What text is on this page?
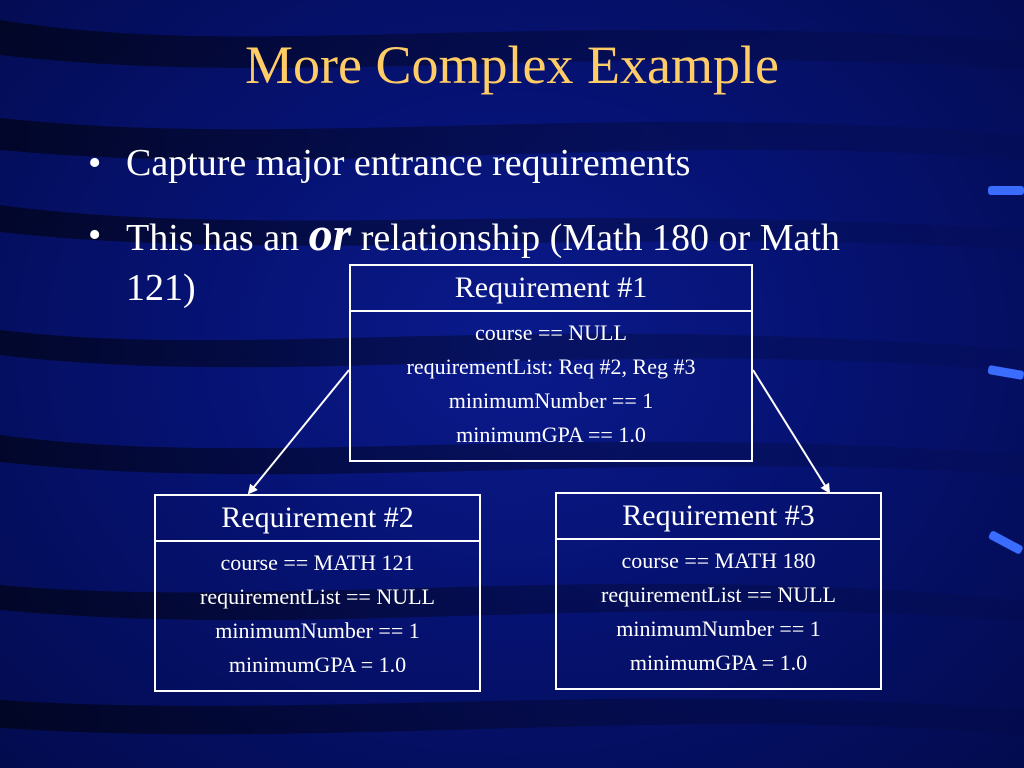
More Complex Example
• Capture major entrance requirements
• This has an or relationship (Math 180 or Math 121)	Requirement #1
course == NULL
requirementList: Req #2, Reg #3
minimumNumber == 1
minimumGPA == 1.0
Requirement #2
course == MATH 121
requirementList == NULL
minimumNumber == 1
minimumGPA = 1.0
Requirement #3
course == MATH 180
requirementList == NULL
minimumNumber == 1
minimumGPA = 1.0
